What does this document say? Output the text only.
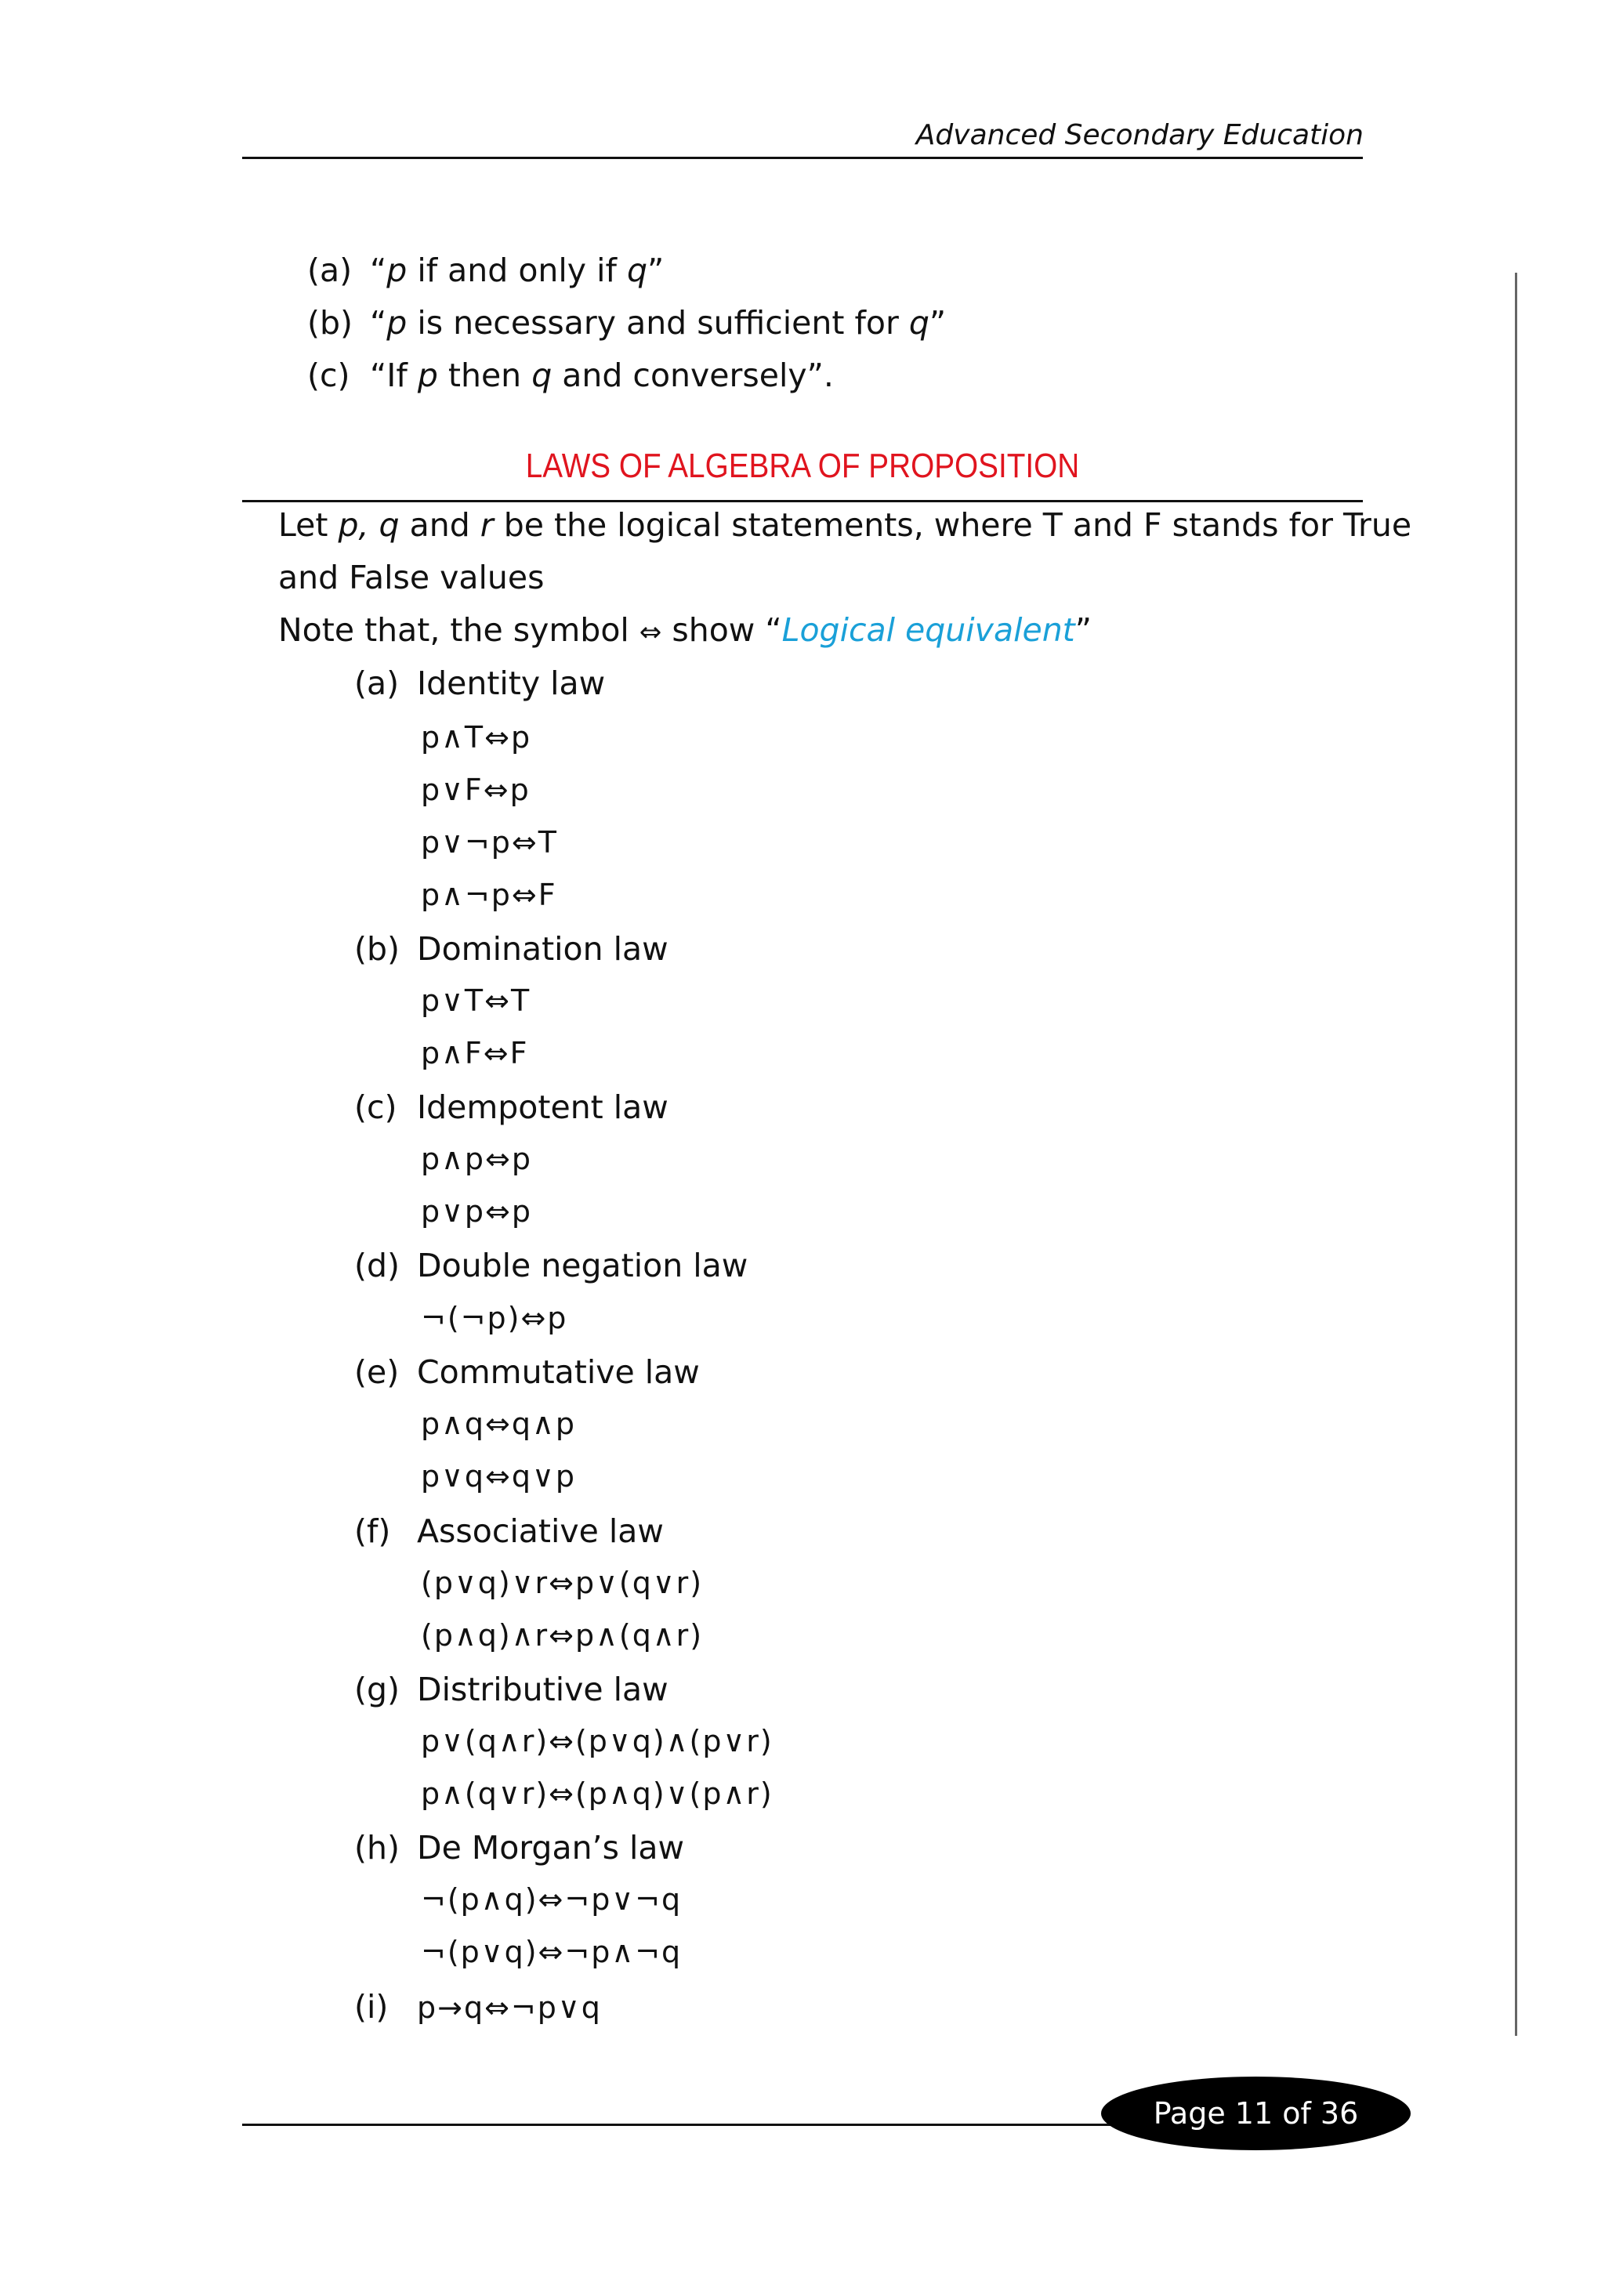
Advanced Secondary Education
(a) “p if and only if q”
(b) “p is necessary and sufficient for q”
(c) “If p then q and conversely”.
LAWS OF ALGEBRA OF PROPOSITION
Let p, q and r be the logical statements, where T and F stands for True
and False values
Note that, the symbol ⇔ show “Logical equivalent”
(a) Identity law
p∧T⇔p
p∨F⇔p
p∨¬p⇔T
p∧¬p⇔F
(b) Domination law
p∨T⇔T
p∧F⇔F
(c) Idempotent law
p∧p⇔p
p∨p⇔p
(d) Double negation law
¬(¬p)⇔p
(e) Commutative law
p∧q⇔q∧p
p∨q⇔q∨p
(f) Associative law
(p∨q)∨r⇔p∨(q∨r)
(p∧q)∧r⇔p∧(q∧r)
(g) Distributive law
p∨(q∧r)⇔(p∨q)∧(p∨r)
p∧(q∨r)⇔(p∧q)∨(p∧r)
(h) De Morgan’s law
¬(p∧q)⇔¬p∨¬q
¬(p∨q)⇔¬p∧¬q
(i) p→q⇔¬p∨q
Page 11 of 36
